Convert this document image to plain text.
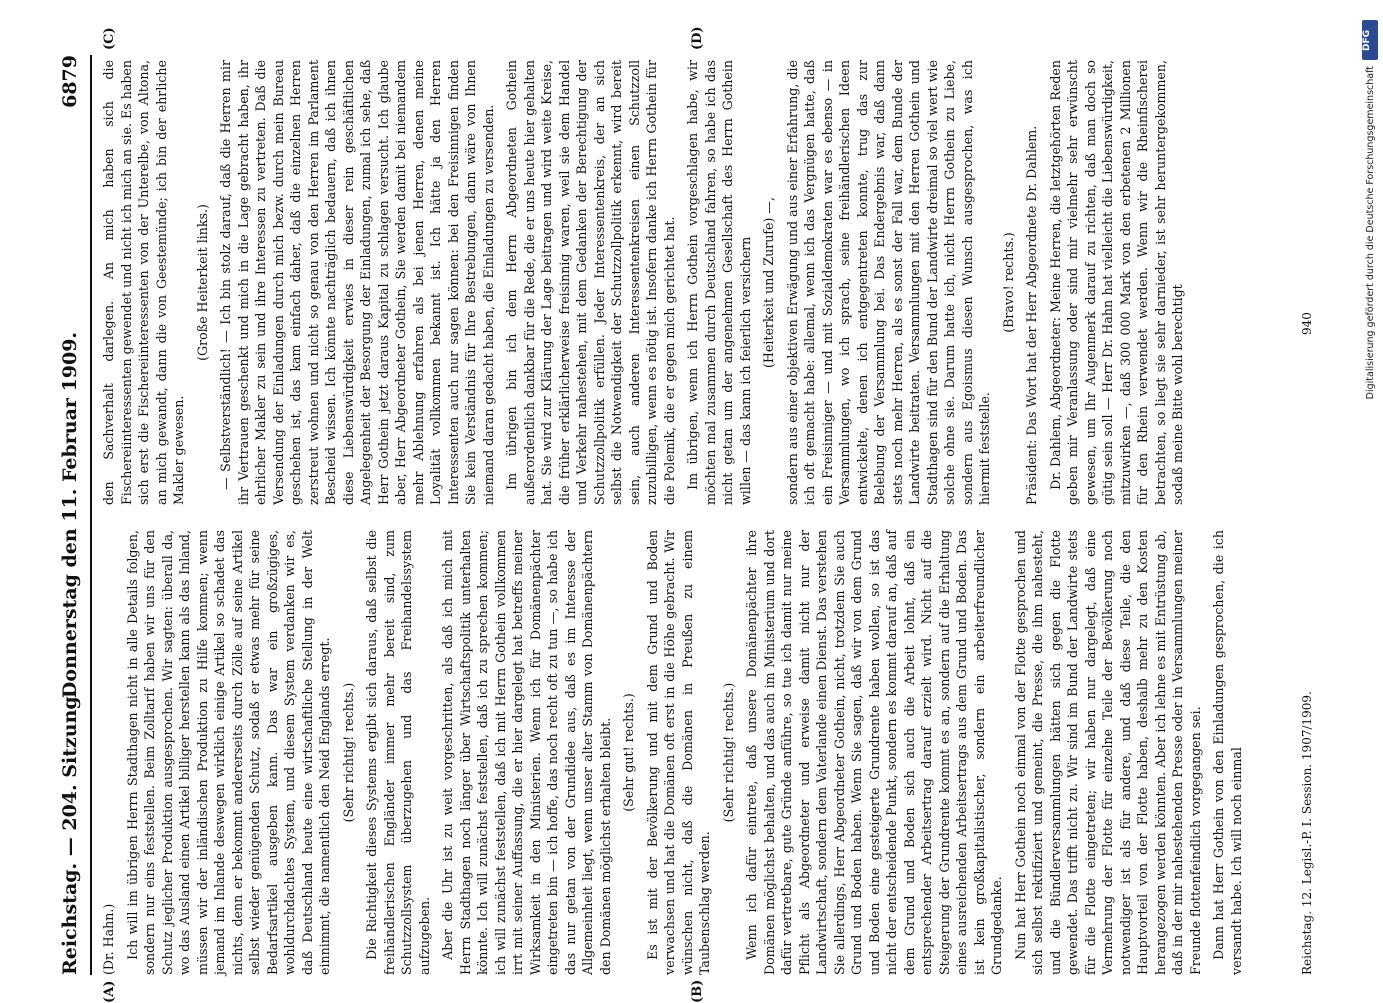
Reichstag. — 204. Sitzung.
Donnerstag den 11. Februar 1909.
6879
(A)	(B)
(C)	(D)

(Dr. Hahn.) Ich will im übrigen Herrn Stadthagen nicht in alle Details folgen, sondern nur eins feststellen. Beim Zolltarif haben wir uns für den Schutz jeglicher Produktion ausgesprochen. Wir sagten: überall da, wo das Ausland einen Artikel billiger herstellen kann als das Inland, müssen wir der inländischen Produktion zu Hilfe kommen; wenn jemand im Inlande deswegen wirklich einige Artikel so schadet das nichts, denn er bekommt andererseits durch Zölle auf seine Artikel selbst wieder genügenden Schutz, sodaß er etwas mehr für seine Bedarfsartikel ausgeben kann. Das war ein großzügiges, wohldurchdachtes System, und diesem System verdanken wir es, daß Deutschland heute eine wirtschaftliche Stellung in der Welt einnimmt, die namentlich den Neid Englands erregt. (Sehr richtig! rechts.) Die Richtigkeit dieses Systems ergibt sich daraus, daß selbst die freihändlerischen Engländer immer mehr bereit sind, zum Schutzzollsystem überzugehen und das Freihandelssystem aufzugeben. Aber die Uhr ist zu weit vorgeschritten, als daß ich mich mit Herrn Stadthagen noch länger über Wirtschaftspolitik unterhalten könnte. Ich will zunächst feststellen, daß ich zu sprechen kommen; ich will zunächst feststellen, daß ich mit Herrn Gothein vollkommen irrt mit seiner Auffassung, die er hier dargelegt hat betreffs meiner Wirksamkeit in den Ministerien. Wenn ich für Domänenpächter eingetreten bin — ich hoffe, das noch recht oft zu tun —, so habe ich das nur getan von der Grundidee aus, daß es im Interesse der Allgemeinheit liegt, wenn unser alter Stamm von Domänenpächtern den Domänen möglichst erhalten bleibt. (Sehr gut! rechts.) Es ist mit der Bevölkerung und mit dem Grund und Boden verwachsen und hat die Domänen oft erst in die Höhe gebracht. Wir wünschen nicht, daß die Domänen in Preußen zu einem Taubenschlag werden.

(Sehr richtig! rechts.) Wenn ich dafür eintrete, daß unsere Domänenpächter ihre Domänen möglichst behalten, und das auch im Ministerium und dort dafür vertretbare, gute Gründe anführe, so tue ich damit nur meine Pflicht als Abgeordneter und erweise damit nicht nur der Landwirtschaft, sondern dem Vaterlande einen Dienst. Das verstehen Sie allerdings, Herr Abgeordneter Gothein, nicht, trotzdem Sie auch Grund und Boden haben. Wenn Sie sagen, daß wir von dem Grund und Boden eine gesteigerte Grundrente haben wollen, so ist das nicht der entscheidende Punkt, sondern es kommt darauf an, daß auf dem Grund und Boden sich auch die Arbeit lohnt, daß ein entsprechender Arbeitsertrag darauf erzielt wird. Nicht auf die Steigerung der Grundrente kommt es an, sondern auf die Erhaltung eines ausreichenden Arbeitsertrags aus dem Grund und Boden. Das ist kein großkapitalistischer, sondern ein arbeiterfreundlicher Grundgedanke. Nun hat Herr Gothein noch einmal von der Flotte gesprochen und sich selbst rektifiziert und gemeint, die Presse, die ihm nahesteht, und die Bündlerversammlungen hätten sich gegen die Flotte gewendet. Das trifft nicht zu. Wir sind im Bund der Landwirte stets für die Flotte eingetreten; wir haben nur dargelegt, daß eine Vermehrung der Flotte für einzelne Teile der Bevölkerung noch notwendiger ist als für andere, und daß diese Teile, die den Hauptvorteil von der Flotte haben, deshalb mehr zu den Kosten herangezogen werden könnten. Aber ich lehne es mit Entrüstung ab, daß in der mir nahestehenden Presse oder in Versammlungen meiner Freunde flottenfeindlich vorgegangen sei. Dann hat Herr Gothein von den Einladungen gesprochen, die ich versandt habe. Ich will noch einmal

den Sachverhalt darlegen. An mich haben sich die Fischereiinteressenten gewendet und nicht ich mich an sie. Es haben sich erst die Fischereiinteressenten von der Unterelbe, von Altona, an mich gewandt, dann die von Geestemünde; ich bin der ehrliche Makler gewesen.

(Große Heiterkeit links.) — Selbstverständlich! — Ich bin stolz darauf, daß die Herren mir ihr Vertrauen geschenkt und mich in die Lage gebracht haben, ihr ehrlicher Makler zu sein und ihre Interessen zu vertreten. Daß die Versendung der Einladungen durch mich bezw. durch mein Bureau geschehen ist, das kam einfach daher, daß die einzelnen Herren zerstreut wohnen und nicht so genau von den Herren im Parlament Bescheid wissen. Ich könnte nachträglich bedauern, daß ich ihnen diese Liebenswürdigkeit erwies in dieser rein geschäftlichen Angelegenheit der Besorgung der Einladungen, zumal ich sehe, daß Herr Gothein jetzt daraus Kapital zu schlagen versucht. Ich glaube aber, Herr Abgeordneter Gothein, Sie werden damit bei niemandem mehr Ablehnung erfahren als bei jenen Herren, denen meine Loyalität vollkommen bekannt ist. Ich hätte ja den Herren Interessenten auch nur sagen können: bei den Freisinnigen finden Sie kein Verständnis für Ihre Bestrebungen, dann wäre von Ihnen niemand daran gedacht haben, die Einladungen zu versenden. Im übrigen bin ich dem Herrn Abgeordneten Gothein außerordentlich dankbar für die Rede, die er uns heute hier gehalten hat. Sie wird zur Klärung der Lage beitragen und wird weite Kreise, die früher erklärlicherweise freisinnig waren, weil sie dem Handel und Verkehr nahestehen, mit dem Gedanken der Berechtigung der Schutzzollpolitik erfüllen. Jeder Interessentenkreis, der an sich selbst die Notwendigkeit der Schutzzollpolitik erkennt, wird bereit sein, auch anderen Interessentenkreisen einen Schutzzoll zuzubilligen, wenn es nötig ist. Insofern danke ich Herrn Gothein für die Polemik, die er gegen mich gerichtet hat. Im übrigen, wenn ich Herrn Gothein vorgeschlagen habe, wir möchten mal zusammen durch Deutschland fahren, so habe ich das nicht getan um der angenehmen Gesellschaft des Herrn Gothein willen — das kann ich feierlich versichern (Heiterkeit und Zurufe) —, sondern aus einer objektiven Erwägung und aus einer Erfahrung, die ich oft gemacht habe: allemal, wenn ich das Vergnügen hatte, daß ein Freisinniger — und mit Sozialdemokraten war es ebenso — in Versammlungen, wo ich sprach, seine freihändlerischen Ideen entwickelte, denen ich entgegentreten konnte, trug das zur Belebung der Versammlung bei. Das Endergebnis war, daß dann stets noch mehr Herren, als es sonst der Fall war, dem Bunde der Landwirte beitraten. Versammlungen mit den Herren Gothein und Stadthagen sind für den Bund der Landwirte dreimal so viel wert wie solche ohne sie. Darum hatte ich, nicht Herrn Gothein zu Liebe, sondern aus Egoismus diesen Wunsch ausgesprochen, was ich hiermit feststelle.

(Bravo! rechts.) Präsident: Das Wort hat der Herr Abgeordnete Dr. Dahlem. Dr. Dahlem, Abgeordneter: Meine Herren, die letztgehörten Reden geben mir Veranlassung oder sind mir vielmehr sehr erwünscht gewesen, um Ihr Augenmerk darauf zu richten, daß man doch so gütig sein soll — Herr Dr. Hahn hat vielleicht die Liebenswürdigkeit, mitzuwirken —, daß 300 000 Mark von den erbetenen 2 Millionen für den Rhein verwendet werden. Wenn wir die Rheinfischerei betrachten, so liegt sie sehr darnieder, ist sehr heruntergekommen, sodaß meine Bitte wohl berechtigt

Reichstag. 12. Legisl.-P. I. Session. 1907/1909.
940
DFG
Digitalisierung gefördert durch die Deutsche Forschungsgemeinschaft
